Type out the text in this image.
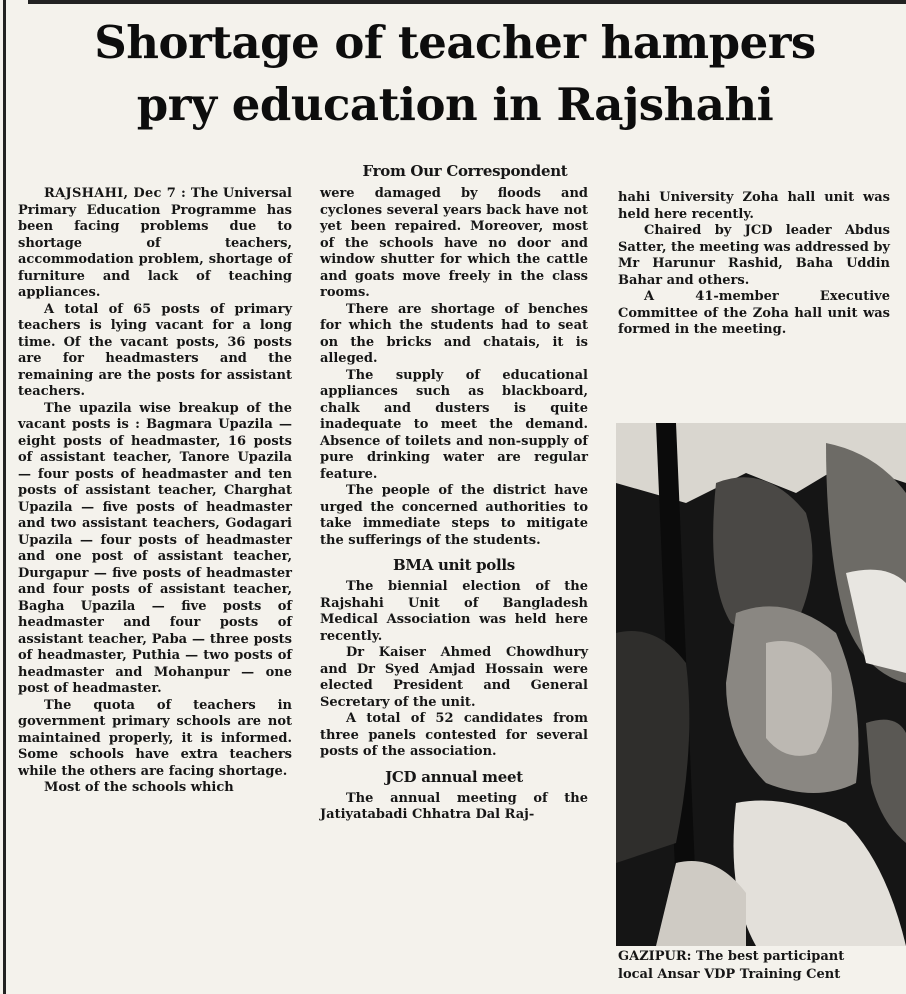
Shortage of teacher hampers
pry education in Rajshahi
From Our Correspondent

RAJSHAHI, Dec 7 : The Universal Primary Education Programme has been facing problems due to shortage of teachers, accommodation problem, shortage of furniture and lack of teaching appliances.

A total of 65 posts of primary teachers is lying vacant for a long time. Of the vacant posts, 36 posts are for headmasters and the remaining are the posts for assistant teachers.

The upazila wise breakup of the vacant posts is : Bagmara Upazila — eight posts of headmaster, 16 posts of assistant teacher, Tanore Upazila — four posts of headmaster and ten posts of assistant teacher, Charghat Upazila — five posts of headmaster and two assistant teachers, Godagari Upazila — four posts of headmaster and one post of assistant teacher, Durgapur — five posts of headmaster and four posts of assistant teacher, Bagha Upazila — five posts of headmaster and four posts of assistant teacher, Paba — three posts of headmaster, Puthia — two posts of headmaster and Mohanpur — one post of headmaster.

The quota of teachers in government primary schools are not maintained properly, it is informed. Some schools have extra teachers while the others are facing shortage.

Most of the schools which

were damaged by floods and cyclones several years back have not yet been repaired. Moreover, most of the schools have no door and window shutter for which the cattle and goats move freely in the class rooms.

There are shortage of benches for which the students had to seat on the bricks and chatais, it is alleged.

The supply of educational appliances such as blackboard, chalk and dusters is quite inadequate to meet the demand. Absence of toilets and non-supply of pure drinking water are regular feature.

The people of the district have urged the concerned authorities to take immediate steps to mitigate the sufferings of the students.

BMA unit polls

The biennial election of the Rajshahi Unit of Bangladesh Medical Association was held here recently.

Dr Kaiser Ahmed Chowdhury and Dr Syed Amjad Hossain were elected President and General Secretary of the unit.

A total of 52 candidates from three panels contested for several posts of the association.

JCD annual meet

The annual meeting of the Jatiyatabadi Chhatra Dal Raj-

hahi University Zoha hall unit was held here recently.

Chaired by JCD leader Abdus Satter, the meeting was addressed by Mr Harunur Rashid, Baha Uddin Bahar and others.

A 41-member Executive Committee of the Zoha hall unit was formed in the meeting.

GAZIPUR: The best participant
local Ansar VDP Training Cent
